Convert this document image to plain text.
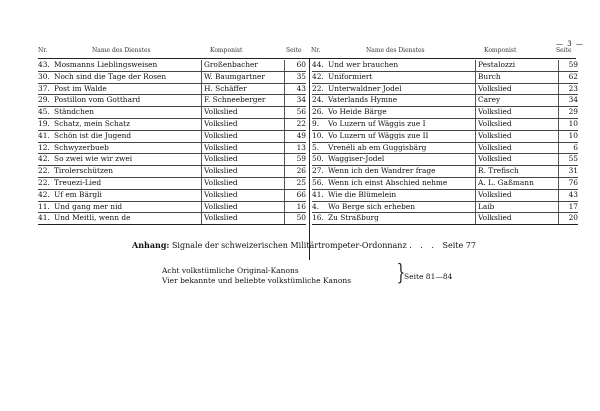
— 3 —
Nr.	Name des Dienstes	Komponist	Seite Nr.	Name des Dienstes	Komponist	Seite
43. Mosmanns Lieblingsweisen	Großenbacher	60
30. Noch sind die Tage der Rosen	W. Baumgartner	35
37. Post im Walde	H. Schäffer	43
29. Postillon vom Gotthard	F. Schneeberger	34
45. Ständchen	Volkslied	56
19. Schatz, mein Schatz	Volkslied	22
41. Schön ist die Jugend	Volkslied	49
12. Schwyzerbueb	Volkslied	13
42. So zwei wie wir zwei	Volkslied	59
22. Tirolerschützen	Volkslied	26
22. Treuezi-Lied	Volkslied	25
42. Uf em Bärgli	Volkslied	66
11. Und gang mer nid	Volkslied	16
41. Und Meitli, wenn de	Volkslied	50
44. Und wer brauchen	Pestalozzi	59
42. Uniformiert	Burch	62
22. Unterwaldner Jodel	Volkslied	23
24. Vaterlands Hymne	Carey	34
26. Vo Heide Bärge	Volkslied	29
9.	Vo Luzern uf Wäggis zue I	Volkslied	10
10. Vo Luzern uf Wäggis zue II	Volkslied	10
5.	Vrenéli ab em Guggisbärg	Volkslied	6
50. Waggiser-Jodel	Volkslied	55
27. Wenn ich den Wandrer frage	R. Trefisch	31
56. Wenn ich einst Abschied nehme	A. L. Gaßmann	76
41. Wie die Blümelein	Volkslied	43
4.	Wo Berge sich erheben	Laib	17
16. Zu Straßburg	Volkslied	20
Anhang: Signale der schweizerischen Militärtrompeter-Ordonnanz . . . Seite 77
Acht volkstümliche Original-Kanons
Vier bekannte und beliebte volkstümliche Kanons }
Seite 81—84
